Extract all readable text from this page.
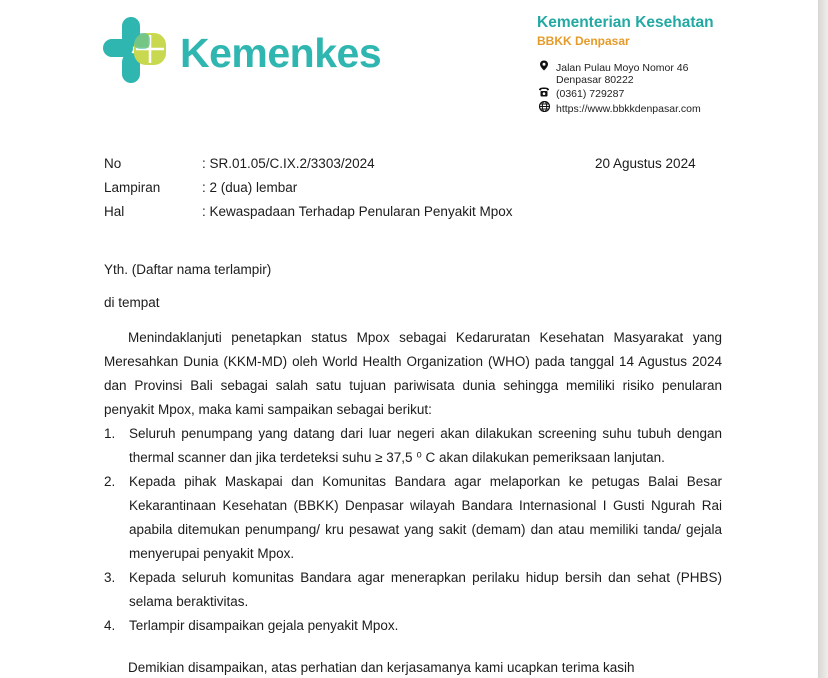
Kemenkes
Kementerian Kesehatan
BBKK Denpasar
Jalan Pulau Moyo Nomor 46
Denpasar 80222
(0361) 729287
https://www.bbkkdenpasar.com
No	: SR.01.05/C.IX.2/3303/2024	20 Agustus 2024
Lampiran	: 2 (dua) lembar
Hal	: Kewaspadaan Terhadap Penularan Penyakit Mpox
Yth. (Daftar nama terlampir)
di tempat
Menindaklanjuti penetapkan status Mpox sebagai Kedaruratan Kesehatan Masyarakat yang
Meresahkan Dunia (KKM-MD) oleh World Health Organization (WHO) pada tanggal 14 Agustus 2024
dan Provinsi Bali sebagai salah satu tujuan pariwisata dunia sehingga memiliki risiko penularan
penyakit Mpox, maka kami sampaikan sebagai berikut:
1. Seluruh penumpang yang datang dari luar negeri akan dilakukan screening suhu tubuh dengan
thermal scanner dan jika terdeteksi suhu ≥ 37,5 ⁰ C akan dilakukan pemeriksaan lanjutan.
2. Kepada pihak Maskapai dan Komunitas Bandara agar melaporkan ke petugas Balai Besar
Kekarantinaan Kesehatan (BBKK) Denpasar wilayah Bandara Internasional I Gusti Ngurah Rai
apabila ditemukan penumpang/ kru pesawat yang sakit (demam) dan atau memiliki tanda/ gejala
menyerupai penyakit Mpox.
3. Kepada seluruh komunitas Bandara agar menerapkan perilaku hidup bersih dan sehat (PHBS)
selama beraktivitas.
4. Terlampir disampaikan gejala penyakit Mpox.
Demikian disampaikan, atas perhatian dan kerjasamanya kami ucapkan terima kasih
